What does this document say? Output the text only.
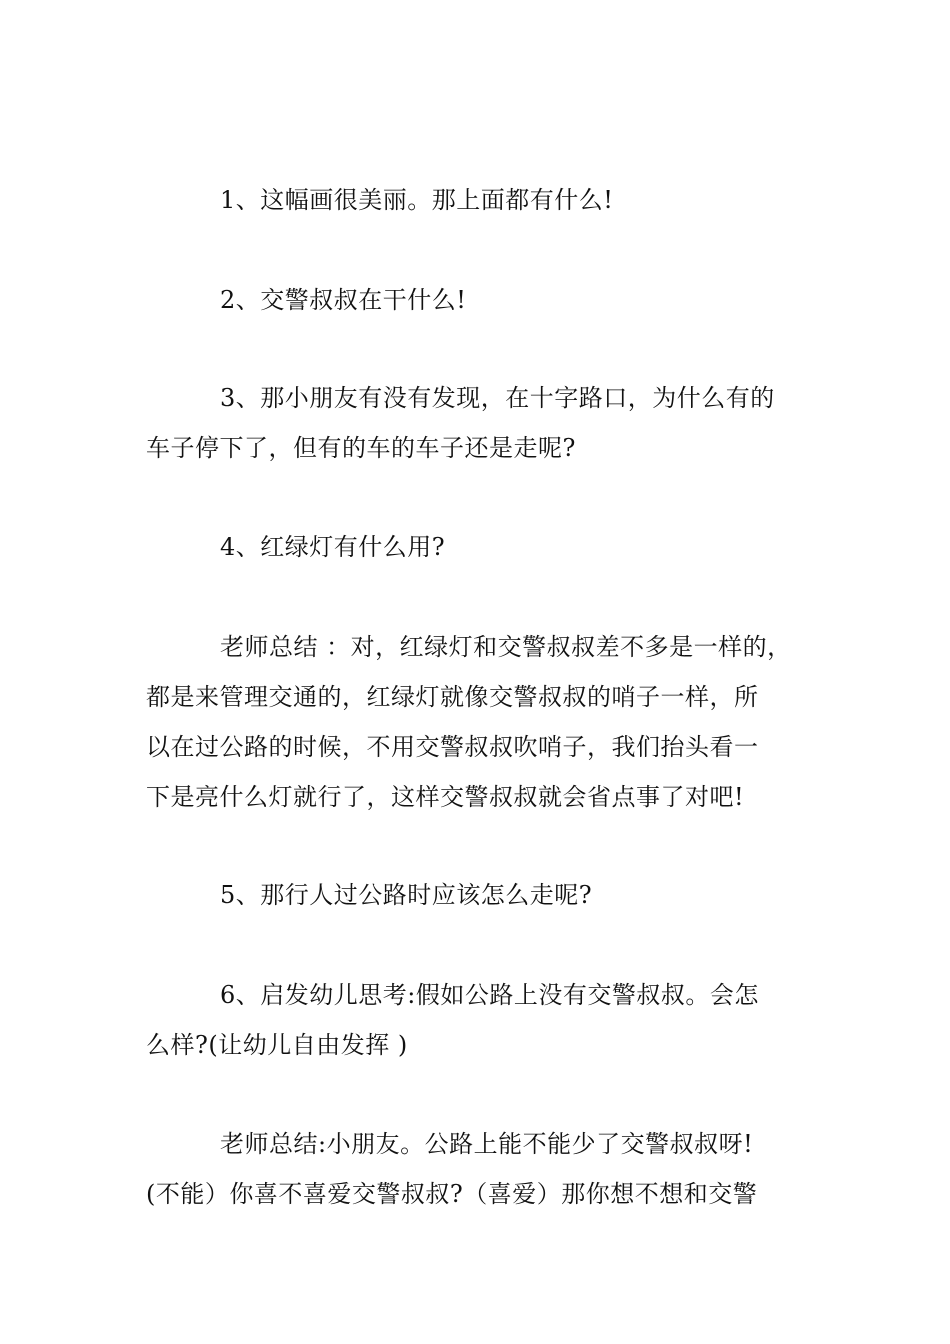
1、这幅画很美丽。那上面都有什么!
2、交警叔叔在干什么!
3、那小朋友有没有发现，在十字路口，为什么有的
车子停下了，但有的车的车子还是走呢?
4、红绿灯有什么用?
老师总结 ：对，红绿灯和交警叔叔差不多是一样的，
都是来管理交通的，红绿灯就像交警叔叔的哨子一样，所
以在过公路的时候，不用交警叔叔吹哨子，我们抬头看一
下是亮什么灯就行了，这样交警叔叔就会省点事了对吧!
5、那行人过公路时应该怎么走呢?
6、启发幼儿思考:假如公路上没有交警叔叔。会怎
么样?(让幼儿自由发挥 )
老师总结:小朋友。公路上能不能少了交警叔叔呀!
(不能）你喜不喜爱交警叔叔?（喜爱）那你想不想和交警
